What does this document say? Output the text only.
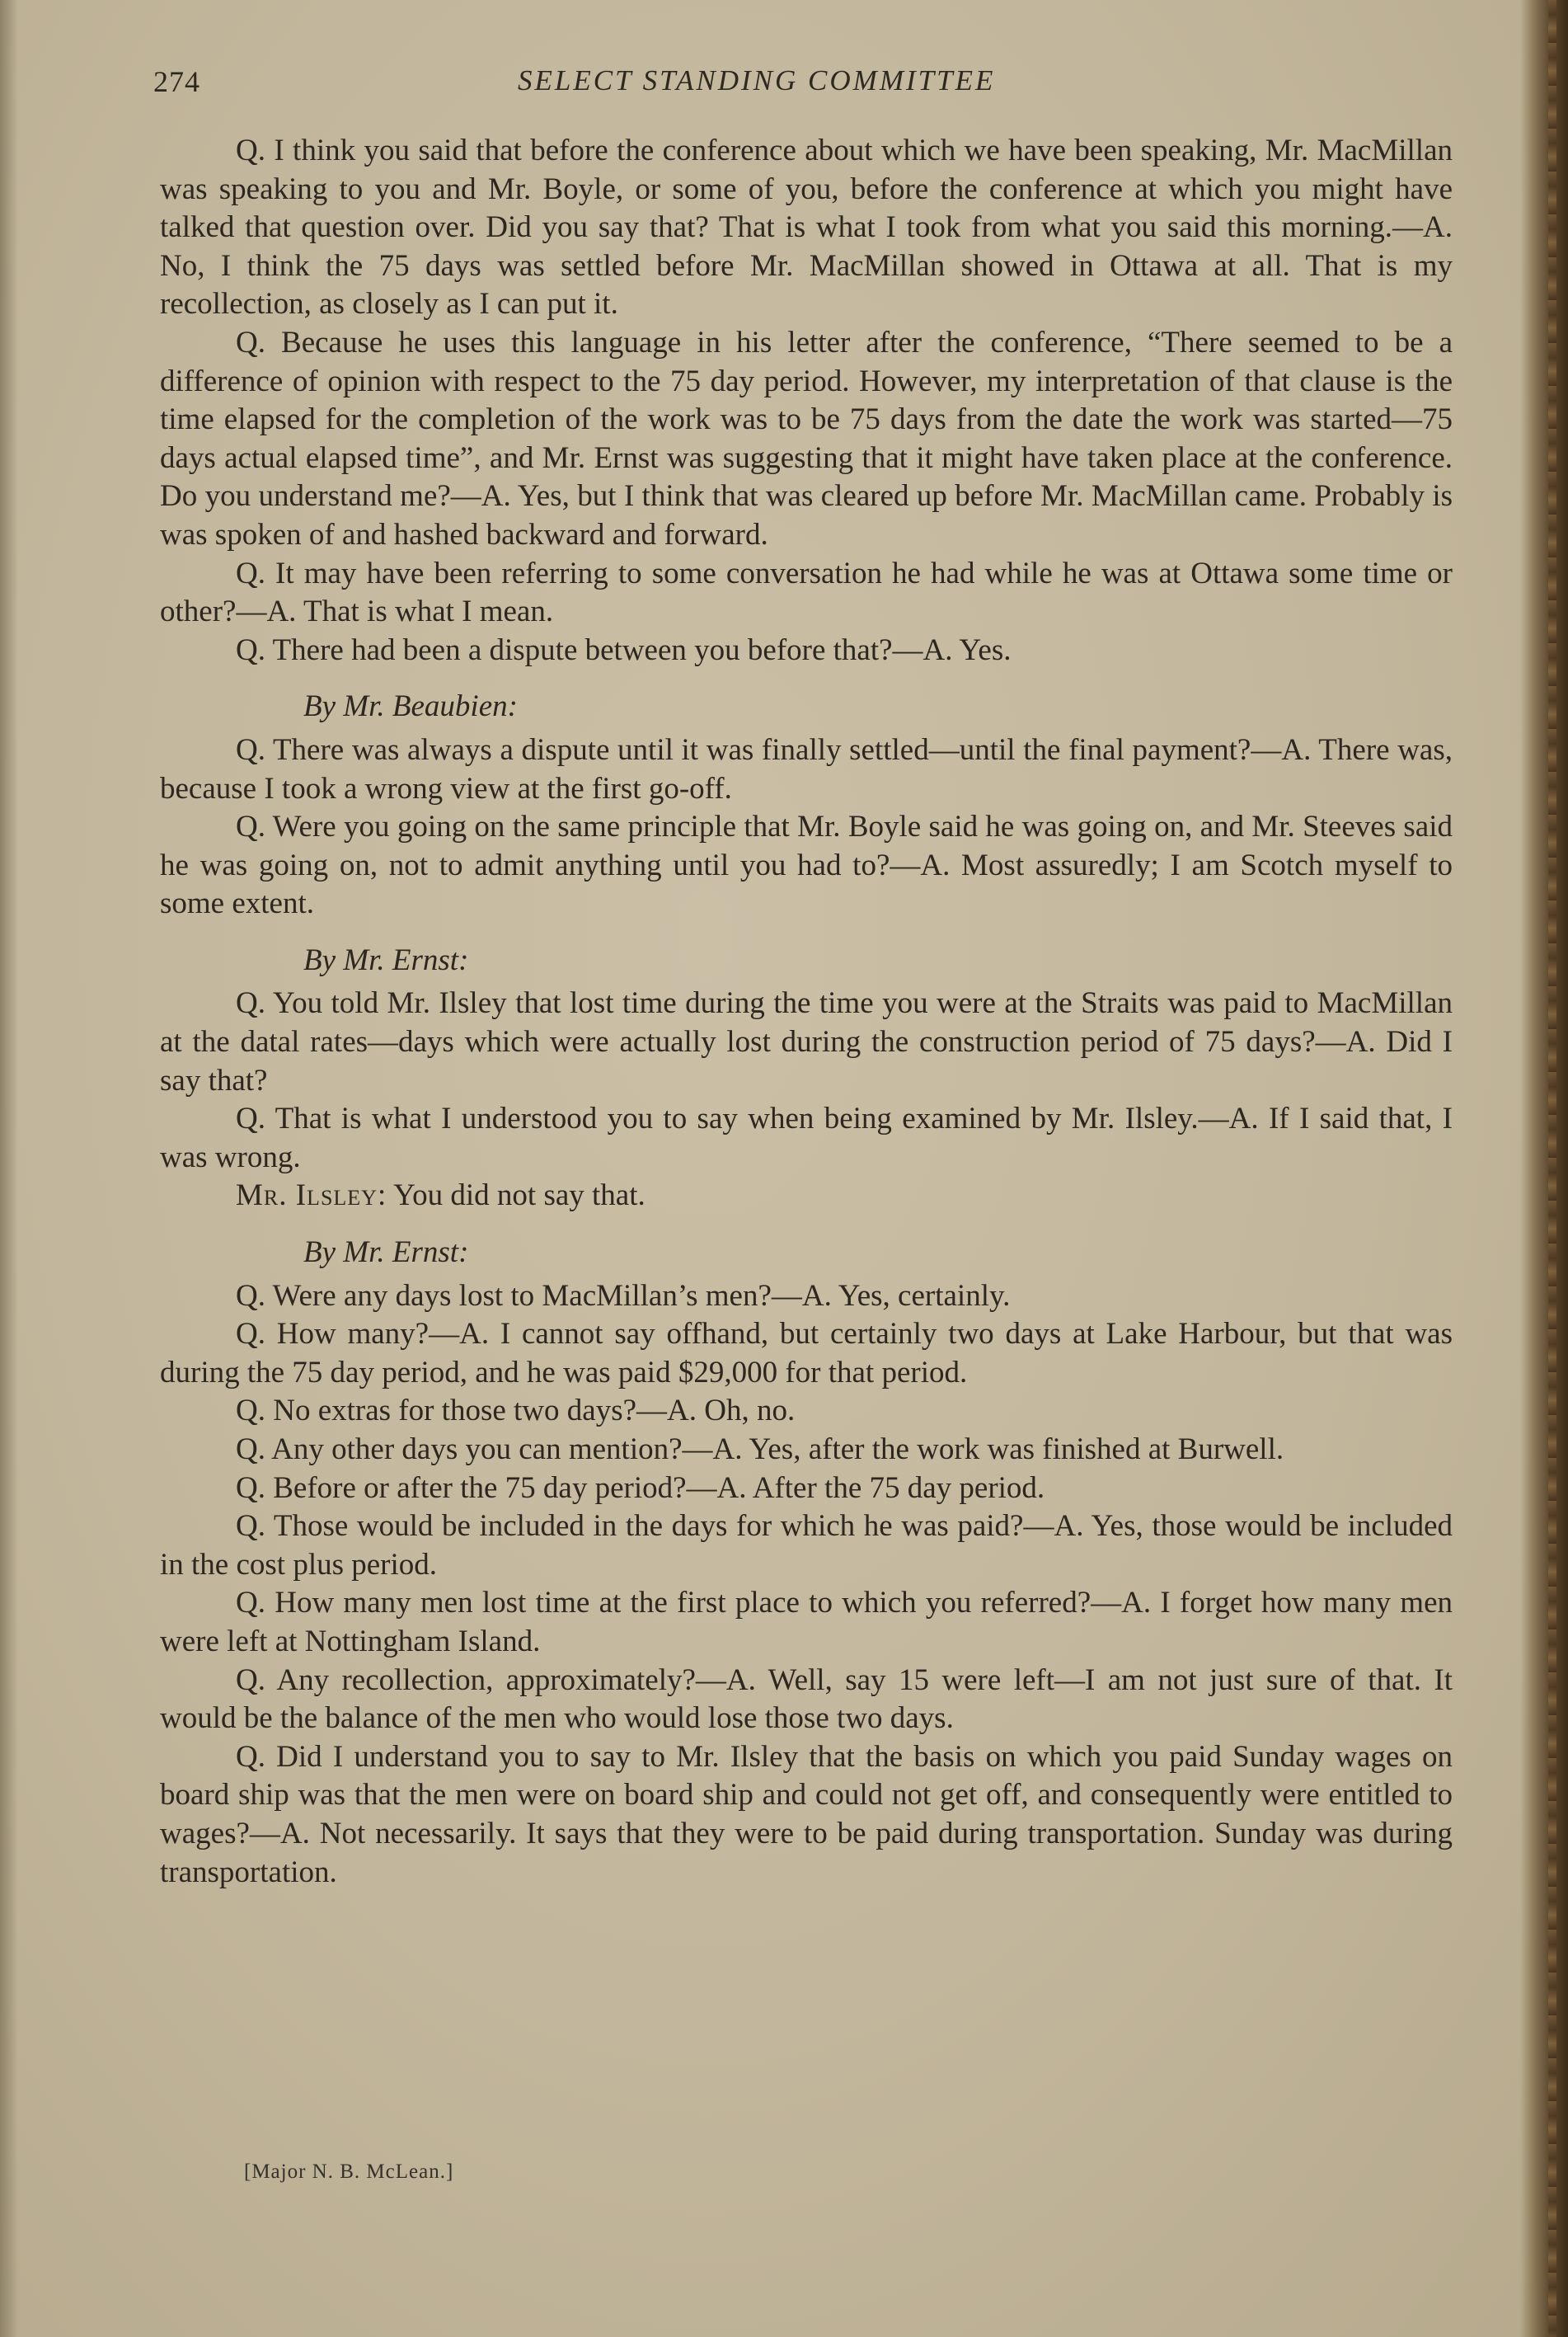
274	SELECT STANDING COMMITTEE

Q. I think you said that before the conference about which we have been speaking, Mr. MacMillan was speaking to you and Mr. Boyle, or some of you, before the conference at which you might have talked that question over. Did you say that? That is what I took from what you said this morning.—A. No, I think the 75 days was settled before Mr. MacMillan showed in Ottawa at all. That is my recollection, as closely as I can put it.

Q. Because he uses this language in his letter after the conference, “There seemed to be a difference of opinion with respect to the 75 day period. However, my interpretation of that clause is the time elapsed for the completion of the work was to be 75 days from the date the work was started—75 days actual elapsed time”, and Mr. Ernst was suggesting that it might have taken place at the conference. Do you understand me?—A. Yes, but I think that was cleared up before Mr. MacMillan came. Probably is was spoken of and hashed backward and forward.

Q. It may have been referring to some conversation he had while he was at Ottawa some time or other?—A. That is what I mean.

Q. There had been a dispute between you before that?—A. Yes.

By Mr. Beaubien:

Q. There was always a dispute until it was finally settled—until the final payment?—A. There was, because I took a wrong view at the first go-off.

Q. Were you going on the same principle that Mr. Boyle said he was going on, and Mr. Steeves said he was going on, not to admit anything until you had to?—A. Most assuredly; I am Scotch myself to some extent.

By Mr. Ernst:

Q. You told Mr. Ilsley that lost time during the time you were at the Straits was paid to MacMillan at the datal rates—days which were actually lost during the construction period of 75 days?—A. Did I say that?

Q. That is what I understood you to say when being examined by Mr. Ilsley.—A. If I said that, I was wrong.

Mr. Ilsley: You did not say that.

By Mr. Ernst:

Q. Were any days lost to MacMillan’s men?—A. Yes, certainly.

Q. How many?—A. I cannot say offhand, but certainly two days at Lake Harbour, but that was during the 75 day period, and he was paid $29,000 for that period.

Q. No extras for those two days?—A. Oh, no.

Q. Any other days you can mention?—A. Yes, after the work was finished at Burwell.

Q. Before or after the 75 day period?—A. After the 75 day period.

Q. Those would be included in the days for which he was paid?—A. Yes, those would be included in the cost plus period.

Q. How many men lost time at the first place to which you referred?—A. I forget how many men were left at Nottingham Island.

Q. Any recollection, approximately?—A. Well, say 15 were left—I am not just sure of that. It would be the balance of the men who would lose those two days.

Q. Did I understand you to say to Mr. Ilsley that the basis on which you paid Sunday wages on board ship was that the men were on board ship and could not get off, and consequently were entitled to wages?—A. Not necessarily. It says that they were to be paid during transportation. Sunday was during transportation.

[Major N. B. McLean.]
